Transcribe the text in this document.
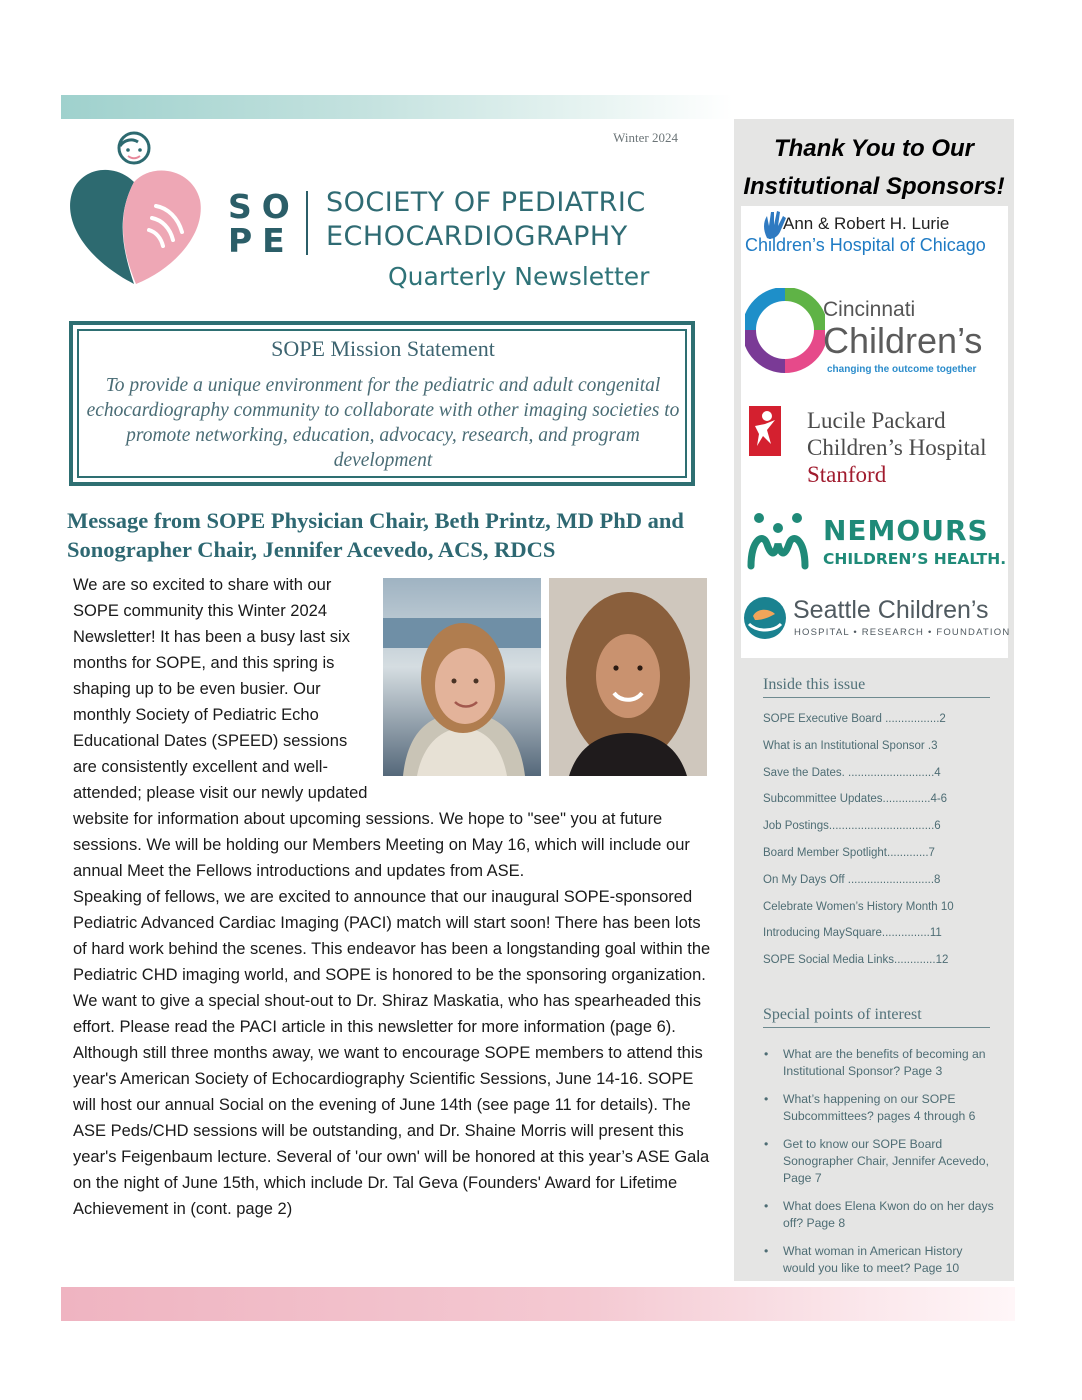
Winter 2024
SO
PE
SOCIETY OF PEDIATRIC
ECHOCARDIOGRAPHY
Quarterly Newsletter
SOPE Mission Statement
To provide a unique environment for the pediatric and adult congenital echocardiography community to collaborate with other imaging societies to promote networking, education, advocacy, research, and program development
Message from SOPE Physician Chair, Beth Printz, MD PhD and Sonographer Chair, Jennifer Acevedo, ACS, RDCS

We are so excited to share with our SOPE community this Winter 2024 Newsletter! It has been a busy last six months for SOPE, and this spring is shaping up to be even busier. Our monthly Society of Pediatric Echo Educational Dates (SPEED) sessions are consistently excellent and well-attended; please visit our newly updated website for information about upcoming sessions. We hope to "see" you at future sessions. We will be holding our Members Meeting on May 16, which will include our annual Meet the Fellows introductions and updates from ASE.

Speaking of fellows, we are excited to announce that our inaugural SOPE-sponsored Pediatric Advanced Cardiac Imaging (PACI) match will start soon! There has been lots of hard work behind the scenes. This endeavor has been a longstanding goal within the Pediatric CHD imaging world, and SOPE is honored to be the sponsoring organization. We want to give a special shout-out to Dr. Shiraz Maskatia, who has spearheaded this effort. Please read the PACI article in this newsletter for more information (page 6).

Although still three months away, we want to encourage SOPE members to attend this year's American Society of Echocardiography Scientific Sessions, June 14-16. SOPE will host our annual Social on the evening of June 14th (see page 11 for details). The ASE Peds/CHD sessions will be outstanding, and Dr. Shaine Morris will present this year's Feigenbaum lecture. Several of 'our own' will be honored at this year’s ASE Gala on the night of June 15th, which include Dr. Tal Geva (Founders' Award for Lifetime Achievement in (cont. page 2)

Thank You to Our Institutional Sponsors!
Ann & Robert H. Lurie
Children’s Hospital of Chicago
Cincinnati
Children’s
changing the outcome together
Lucile Packard
Children’s Hospital
Stanford
NEMOURS
CHILDREN’S HEALTH.
Seattle Children’s
HOSPITAL • RESEARCH • FOUNDATION
Inside this issue
SOPE Executive Board .................2
What is an Institutional Sponsor .3
Save the Dates. ...........................4
Subcommittee Updates...............4-6
Job Postings.................................6
Board Member Spotlight.............7
On My Days Off ...........................8
Celebrate Women’s History Month 10
Introducing MaySquare...............11
SOPE Social Media Links.............12
Special points of interest
• What are the benefits of becoming an Institutional Sponsor? Page 3
• What’s happening on our SOPE Subcommittees? pages 4 through 6
• Get to know our SOPE Board Sonographer Chair, Jennifer Acevedo, Page 7
• What does Elena Kwon do on her days off? Page 8
• What woman in American History would you like to meet? Page 10
